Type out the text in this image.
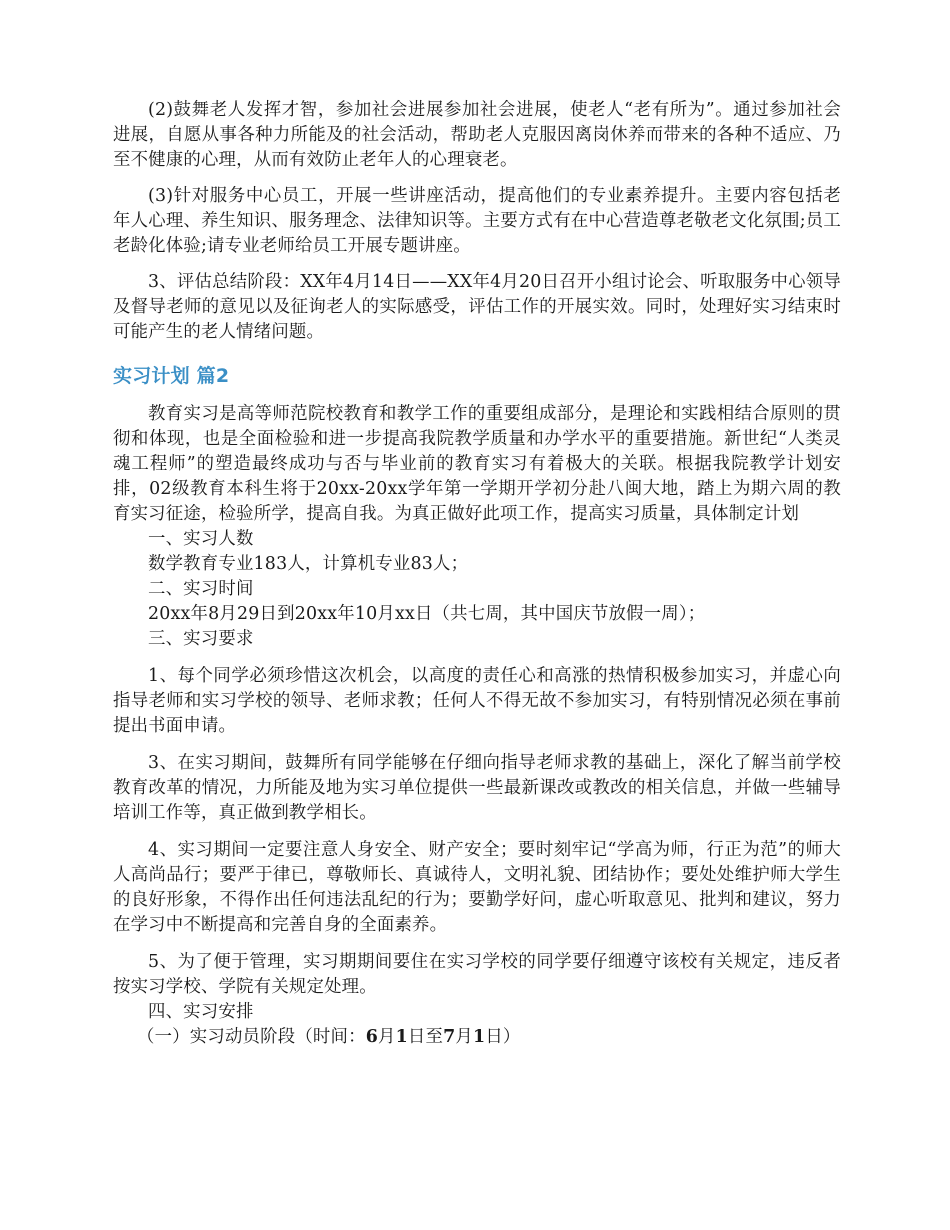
(2)鼓舞老人发挥才智，参加社会进展参加社会进展，使老人“老有所为”。通过参加社会进展，自愿从事各种力所能及的社会活动，帮助老人克服因离岗休养而带来的各种不适应、乃至不健康的心理，从而有效防止老年人的心理衰老。

(3)针对服务中心员工，开展一些讲座活动，提高他们的专业素养提升。主要内容包括老年人心理、养生知识、服务理念、法律知识等。主要方式有在中心营造尊老敬老文化氛围;员工老龄化体验;请专业老师给员工开展专题讲座。

3、评估总结阶段：XX年4月14日——XX年4月20日召开小组讨论会、听取服务中心领导及督导老师的意见以及征询老人的实际感受，评估工作的开展实效。同时，处理好实习结束时可能产生的老人情绪问题。

实习计划 篇2

教育实习是高等师范院校教育和教学工作的重要组成部分，是理论和实践相结合原则的贯彻和体现，也是全面检验和进一步提高我院教学质量和办学水平的重要措施。新世纪“人类灵魂工程师”的塑造最终成功与否与毕业前的教育实习有着极大的关联。根据我院教学计划安排，02级教育本科生将于20xx-20xx学年第一学期开学初分赴八闽大地，踏上为期六周的教育实习征途，检验所学，提高自我。为真正做好此项工作，提高实习质量，具体制定计划

一、实习人数

数学教育专业183人，计算机专业83人；

二、实习时间

20xx年8月29日到20xx年10月xx日（共七周，其中国庆节放假一周）；

三、实习要求

1、每个同学必须珍惜这次机会，以高度的责任心和高涨的热情积极参加实习，并虚心向指导老师和实习学校的领导、老师求教；任何人不得无故不参加实习，有特别情况必须在事前提出书面申请。

3、在实习期间，鼓舞所有同学能够在仔细向指导老师求教的基础上，深化了解当前学校教育改革的情况，力所能及地为实习单位提供一些最新课改或教改的相关信息，并做一些辅导培训工作等，真正做到教学相长。

4、实习期间一定要注意人身安全、财产安全；要时刻牢记“学高为师，行正为范”的师大人高尚品行；要严于律已，尊敬师长、真诚待人，文明礼貌、团结协作；要处处维护师大学生的良好形象，不得作出任何违法乱纪的行为；要勤学好问，虚心听取意见、批判和建议，努力在学习中不断提高和完善自身的全面素养。

5、为了便于管理，实习期期间要住在实习学校的同学要仔细遵守该校有关规定，违反者按实习学校、学院有关规定处理。

四、实习安排

（一）实习动员阶段（时间：6月1日至7月1日）
